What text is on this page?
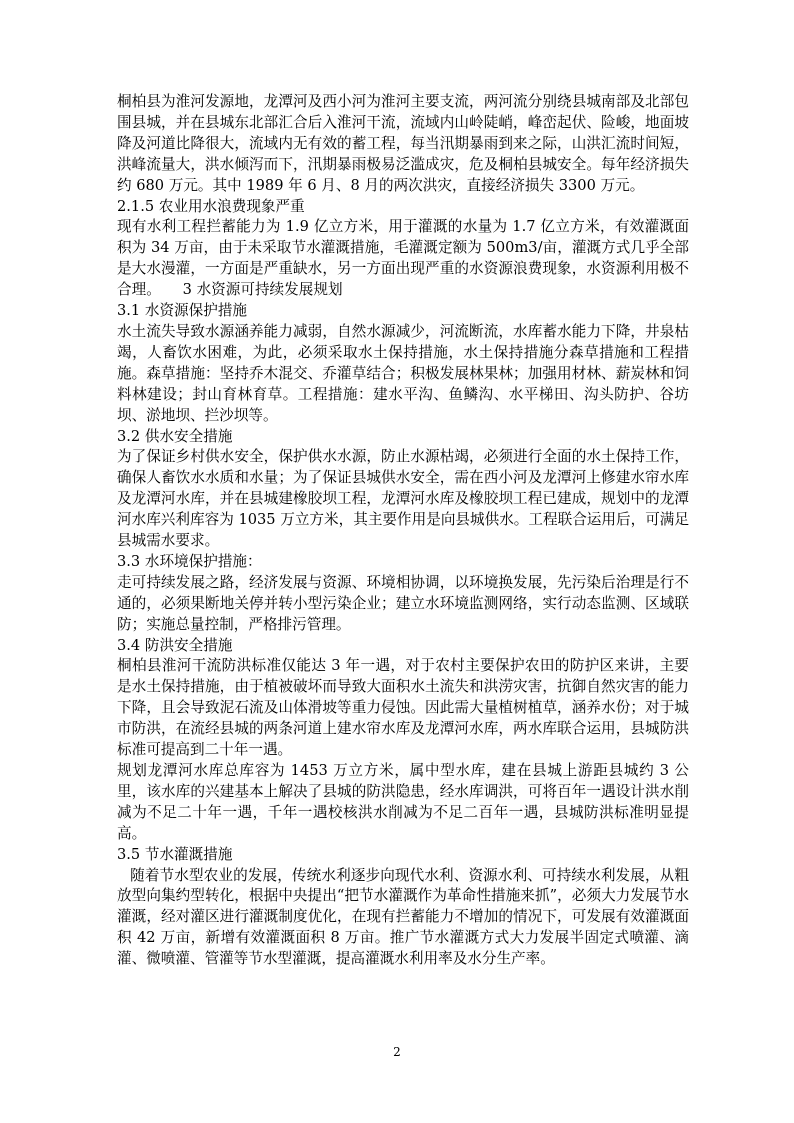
桐柏县为淮河发源地，龙潭河及西小河为淮河主要支流，两河流分别绕县城南部及北部包围县城，并在县城东北部汇合后入淮河干流，流域内山岭陡峭，峰峦起伏、险峻，地面坡降及河道比降很大，流域内无有效的蓄工程，每当汛期暴雨到来之际，山洪汇流时间短，洪峰流量大，洪水倾泻而下，汛期暴雨极易泛滥成灾，危及桐柏县城安全。每年经济损失约 680 万元。其中 1989 年 6 月、8 月的两次洪灾，直接经济损失 3300 万元。

2.1.5 农业用水浪费现象严重

现有水利工程拦蓄能力为 1.9 亿立方米，用于灌溉的水量为 1.7 亿立方米，有效灌溉面积为 34 万亩，由于未采取节水灌溉措施，毛灌溉定额为 500m3/亩，灌溉方式几乎全部是大水漫灌，一方面是严重缺水，另一方面出现严重的水资源浪费现象，水资源利用极不合理。　　3 水资源可持续发展规划

3.1 水资源保护措施

水土流失导致水源涵养能力减弱，自然水源减少，河流断流，水库蓄水能力下降，井泉枯竭，人畜饮水困难，为此，必须采取水土保持措施，水土保持措施分森草措施和工程措施。森草措施：坚持乔木混交、乔灌草结合；积极发展林果林；加强用材林、薪炭林和饲料林建设；封山育林育草。工程措施：建水平沟、鱼鳞沟、水平梯田、沟头防护、谷坊坝、淤地坝、拦沙坝等。

3.2 供水安全措施

为了保证乡村供水安全，保护供水水源，防止水源枯竭，必须进行全面的水土保持工作，确保人畜饮水水质和水量；为了保证县城供水安全，需在西小河及龙潭河上修建水帘水库及龙潭河水库，并在县城建橡胶坝工程，龙潭河水库及橡胶坝工程已建成，规划中的龙潭河水库兴利库容为 1035 万立方米，其主要作用是向县城供水。工程联合运用后，可满足县城需水要求。

3.3 水环境保护措施：

走可持续发展之路，经济发展与资源、环境相协调，以环境换发展，先污染后治理是行不通的，必须果断地关停并转小型污染企业；建立水环境监测网络，实行动态监测、区域联防；实施总量控制，严格排污管理。

3.4 防洪安全措施

桐柏县淮河干流防洪标准仅能达 3 年一遇，对于农村主要保护农田的防护区来讲，主要是水土保持措施，由于植被破坏而导致大面积水土流失和洪涝灾害，抗御自然灾害的能力下降，且会导致泥石流及山体滑坡等重力侵蚀。因此需大量植树植草，涵养水份；对于城市防洪，在流经县城的两条河道上建水帘水库及龙潭河水库，两水库联合运用，县城防洪标准可提高到二十年一遇。

规划龙潭河水库总库容为 1453 万立方米，属中型水库，建在县城上游距县城约 3 公里，该水库的兴建基本上解决了县城的防洪隐患，经水库调洪，可将百年一遇设计洪水削减为不足二十年一遇，千年一遇校核洪水削减为不足二百年一遇，县城防洪标准明显提高。

3.5 节水灌溉措施

随着节水型农业的发展，传统水利逐步向现代水利、资源水利、可持续水利发展，从粗放型向集约型转化，根据中央提出“把节水灌溉作为革命性措施来抓”，必须大力发展节水灌溉，经对灌区进行灌溉制度优化，在现有拦蓄能力不增加的情况下，可发展有效灌溉面积 42 万亩，新增有效灌溉面积 8 万亩。推广节水灌溉方式大力发展半固定式喷灌、滴灌、微喷灌、管灌等节水型灌溉，提高灌溉水利用率及水分生产率。

2
